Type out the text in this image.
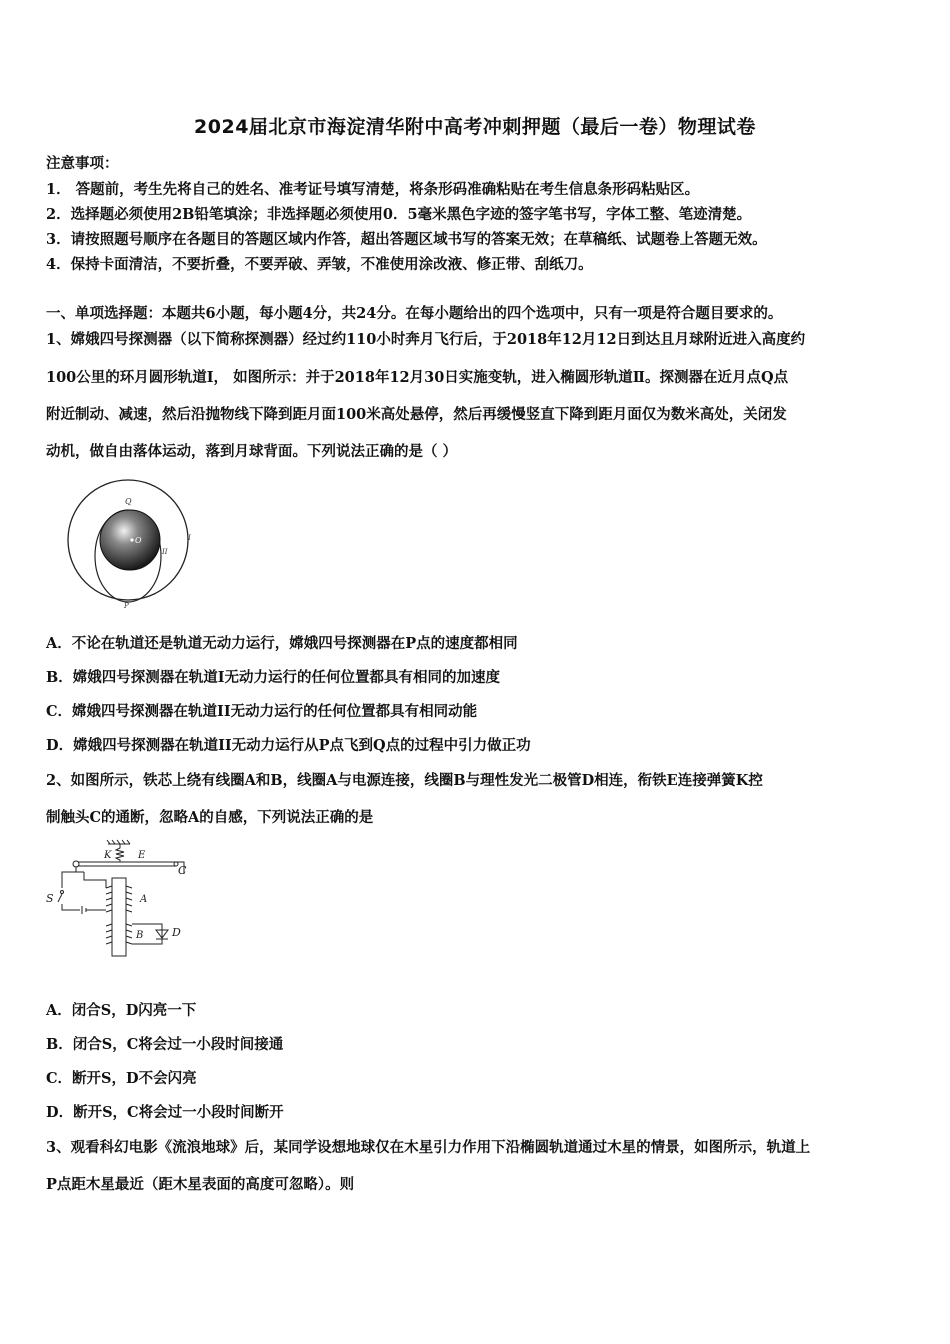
2024届北京市海淀清华附中高考冲刺押题（最后一卷）物理试卷
注意事项：
1． 答题前，考生先将自己的姓名、准考证号填写清楚，将条形码准确粘贴在考生信息条形码粘贴区。
2．选择题必须使用2B铅笔填涂；非选择题必须使用0．5毫米黑色字迹的签字笔书写，字体工整、笔迹清楚。
3．请按照题号顺序在各题目的答题区域内作答，超出答题区域书写的答案无效；在草稿纸、试题卷上答题无效。
4．保持卡面清洁，不要折叠，不要弄破、弄皱，不准使用涂改液、修正带、刮纸刀。
一、单项选择题：本题共6小题，每小题4分，共24分。在每小题给出的四个选项中，只有一项是符合题目要求的。
1、嫦娥四号探测器（以下简称探测器）经过约110小时奔月飞行后，于2018年12月12日到达且月球附近进入高度约
100公里的环月圆形轨道Ⅰ， 如图所示：并于2018年12月30日实施变轨，进入椭圆形轨道Ⅱ。探测器在近月点Q点
附近制动、减速，然后沿抛物线下降到距月面100米高处悬停，然后再缓慢竖直下降到距月面仅为数米高处，关闭发
动机，做自由落体运动，落到月球背面。下列说法正确的是（ ）
Q
O	I
II
P
A．不论在轨道还是轨道无动力运行，嫦娥四号探测器在P点的速度都相同
B．嫦娥四号探测器在轨道I无动力运行的任何位置都具有相同的加速度
C．嫦娥四号探测器在轨道II无动力运行的任何位置都具有相同动能
D．嫦娥四号探测器在轨道II无动力运行从P点飞到Q点的过程中引力做正功
2、如图所示，铁芯上绕有线圈A和B，线圈A与电源连接，线圈B与理性发光二极管D相连，衔铁E连接弹簧K控
制触头C的通断，忽略A的自感，下列说法正确的是
K	E
C
S	A
B	D
A．闭合S，D闪亮一下
B．闭合S，C将会过一小段时间接通
C．断开S，D不会闪亮
D．断开S，C将会过一小段时间断开
3、观看科幻电影《流浪地球》后，某同学设想地球仅在木星引力作用下沿椭圆轨道通过木星的情景，如图所示，轨道上
P点距木星最近（距木星表面的高度可忽略）。则
